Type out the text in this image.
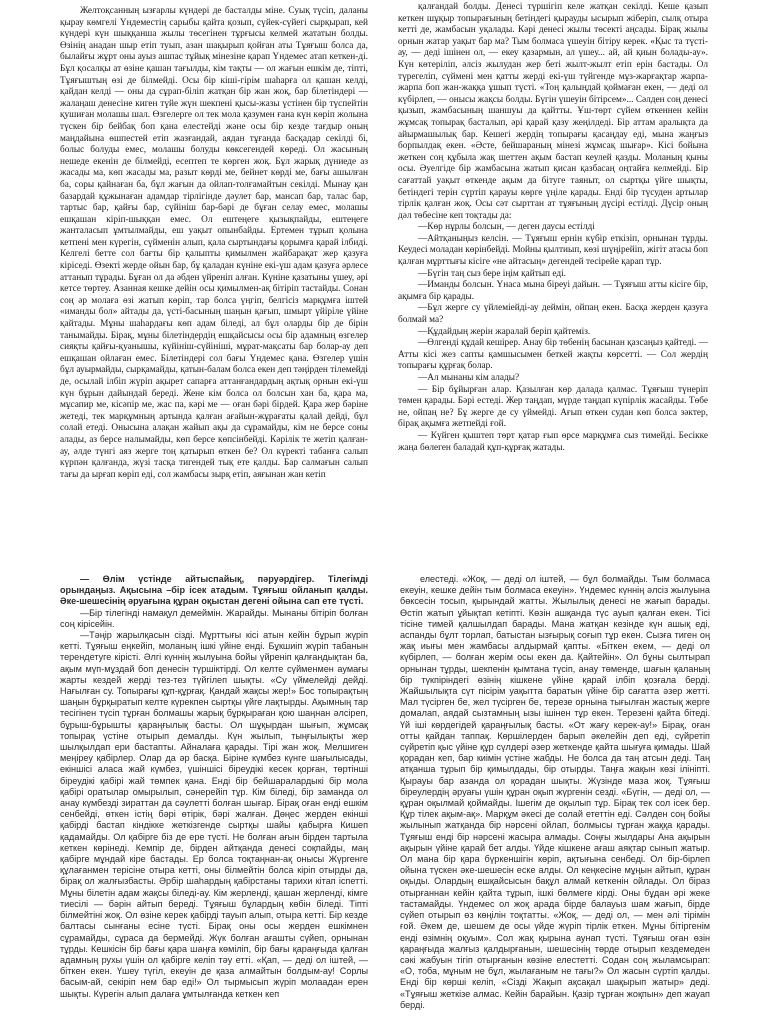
Желтоқсанның ызғарлы күндері де басталды міне. Суық түсіп, даланы қырау көмгелі Үндеместің сарыбы қайта қозып, сүйек-сүйегі сырқырап, кей күндері күн шыққанша жылы төсегінен тұрғысы келмей жататын болды. Өзінің анадан шыр етіп туып, азан шақырып қойған аты Тұяғыш болса да, былайғы жұрт оны ауыз ашпас тұйық мінезіне қарап Үндемес атап кеткен-ді. Бұл қосалқы ат өзіне қашан тағылды, кім тақты — ол жағын ешкім де, тіпті, Тұяғыштың өзі де білмейді. Осы бір кіші-гірім шаһарға ол қашан келді, қайдан келді — оны да сұрап-біліп жатқан бір жан жоқ, бар білетіндері — жалаңаш денесіне киген түйе жүн шекпені қысы-жазы үстінен бір түспейтін қушиған молашы шал. Өзгелерге ол тек мола қазумен ғана күн көріп жолына түскен бір бейбақ боп қана елестейді және осы бір кезде тағдыр оның маңдайына өшпестей етіп жазғандай, аядан тұғанда басқадар секілді бі, болыс болуды емес, молашы болуды көксегендей көреді. Ол жасының нешеде екенін де білмейді, есептеп те көрген жоқ. Бұл жарық дүниеде аз жасады ма, көп жасады ма, разыт көрді ме, бейнет көрді ме, бағы ашылған ба, соры қайнаған ба, бұл жағын да ойлап-толғамайтын секілді. Мынау қан базардай құжынаған адамдар тірлігінде дәулет бар, мансап бар, талас бар, тартыс бар, қайғы бар, сүйініш бар-бәрі де бұған селау емес, молашы ешқашан кіріп-шыққан емес. Ол ештеңеге қызықпайды, ештеңеге жанталасып ұмтылмайды, еш уақыт опынбайды. Ертемен тұрып қолына кетпені мен күрегін, сүйменін алып, қала сыртындағы қорымға қарай ілбиді. Келгелі бетте сол бағты бір қалыпты қимылмен жайбарақат жер қазуға кіріседі. Өзекті жерде ойын бар, бұ қаладан күніне екі-үш адам қазуға әрлесе аттанып тұрады. Бұған ол да әбден үйреніп алған. Күніне қазатыны үшеу, әрі кетсе төртеу. Азанная кешке дейін осы қимылмен-ақ бітіріп тастайды. Сонан соң әр молаға өзі жатып көріп, тар болса үңгіп, белгісіз марқұмға іштей «иманды бол» айтады да, үсті-басының шаңын қағып, шмырт үйіріле үйіне қайтады. Мұны шаһардағы көп адам біледі, ал бұл оларды бір де бірін танымайды. Бірақ, мұны білетіндердің ешқайсысы осы бір адамның өзгелер сияқты қайғы-қуанышы, күйініш-сүйініші, мұрат-мақсаты бар болар-ау деп ешқашан ойлаған емес. Білетіндері сол бағы Үндемес қана. Өзгелер үшін бұл ауырмайды, сырқамайды, қатын-балам болса екен деп тәңірден тілемейді де, осылай ілбіп жүріп ақырет сапарға аттанғандардың ақтық орнын екі-үш күн бұрын дайындай береді. Жене кім болса ол болсын хан ба, қара ма, мұсапир ме, кісәпір ме, жас па, кәрі ме — оған бәрі бірдей. Қара жер бәріне жетеді, тек марқұмның артында қалған ағайын-жұрағаты қалай дейді, бұл солай етеді. Онысына алақан жайып ақы да сұрамайды, кім не берсе соны алады, аз берсе налымайды, көп берсе көпсінбейді. Кәрілік те жетіп қалған-ау, әлде түнгі аяз жерге тоң қатырып өткен бе? Ол күректі табанға салып күрпән қалғанда, жүзі тасқа тигендей тық ете қалды. Бар салмағын салып тағы да ырғап көріп еді, сол жамбасы зырқ етіп, аяғынан жан кетіп

қалғандай болды. Денесі түршігіп келе жатқан секілді. Кеше қазып кеткен шұқыр топырағының бетіндегі қырауды ысырып жіберіп, сылқ отыра кетті де, жамбасын уқалады. Кәрі денесі жылы төсекті аңсады. Бірақ жылы орнын жатар уақыт бар ма? Тым болмаса үшеуін бітіру керек. «Қыс та түсті-ау, — деді ішінен ол, — екеу қазармын, ал үшеу... ай, ай қиын болады-ау». Күн көтеріліп, әлсіз жылудан жер беті жылт-жылт етіп ерін бастады. Ол түрегеліп, сүйменi мен қатты жерді екі-үш түйгенде мұз-жарғақтар жарпа-жарпа боп жан-жаққа ұшып түсті. «Тоң қалыңдай қоймаған екен, — деді ол күбірлеп, — онысы жақсы болды. Бүгін үшеуін бітірсем»... Сәлден соң денесі қызып, жамбасының шаншуы да қайтты. Ұш-төрт сүйем өткеннен кейін жұмсақ топырақ басталып, әрі қарай қазу жеңілдеді. Бір аттам аралықта да айырмашылық бар. Кешегі жердің топырағы қасаңдау еді, мына жаңғыз борпылдақ екен. «Әсте, бейшараның мінезі жұмсақ шығар». Кісі бойына жеткен соң құбыла жақ шеттен ақым бастап кеулей қазды. Моланың қыны осы. Әуелгіде бір жамбасына жатып қисан қазбасаң оңтайға келмейді. Бір сағаттай уақыт өткенде ақым да бітуге таяныт, ол сыртқы үйге шықты, бетіндегі терін сүртіп қарауы көрге үңіле қарады. Енді бір түсуден артылар тірлік қалған жоқ. Осы сәт сырттан ат тұяғының дүсірі естілді. Дүсір оның дәл төбесіне кеп тоқтады да:

—Көр нұрлы болсын, — деген даусы естілді

—Айтқаныңыз келсін. — Тұяғыш ернін күбір еткізіп, орнынан тұрды. Кеудесі моладан көрінбейді. Мойны қылтиып, көзі шүңірейіп, жігіт атасы боп қалған мұрттығы кісіге «не айтасың» дегендей тесірейе қарап тұр.

—Бүгін таң сыз бере іңім қайтып еді.

—Иманды болсын. Үнаса мына біреуі дайын. — Тұяғыш атты кісіге бір, ақымға бір қарады.

—Бұл жерге су үйлеміейді-ау деймін, ойпаң екен. Басқа жерден қазуға болмай ма?

—Құдайдың жерін жаралай беріп қайтеміз.

—Өлгенді құдай кешірер. Анау бір төбенің басынан қазсаңыз қайтеді. — Атты кісі жез сапты қамшысымен беткей жақты көрсетті. — Сол жердің топырағы құрғақ болар.

—Ал мынаны кім алады?

— Бір бұйырған алар. Қазылған көр далада қалмас. Тұяғыш түнеріп төмен қарады. Бәрі естеді. Жер таңдап, мүрде таңдап күпірлік жасайды. Төбе не, ойпаң не? Бұ жерге де су үймейді. Ағып өткен судан көп болса зәктер, бірақ ақымға жетпейді ғой.

— Күйген қыштеп төрт қатар ғып өрсе марқұмға сыз тимейді. Бесікке жаңа бөлеген баладай құп-құрғақ жатады.

— Өлім үстінде айтыспайық, пәруәрдігер. Тілегімді орындаңыз. Ақысына –бір ісек атадым. Тұяғыш ойланып қалды. Әке-шешесінің әруағына құран оқыстан дегені ойына сап ете түсті.

—Бір тілегінді намақул демеймін. Жарайды. Мынаны бітіріп болған соң кірісейін.

—Тәңір жарылқасын сізді. Мұрттығы кісі атын кейін бұрып жүріп кетті. Тұяғыш еңкейіп, моланың ішкі үйіне енді. Бұкшиіп жүріп табанын терендетуге кірісті. Әлгі күннің жылуына бойы үйреніп қалғандықтан ба, ақым мүп-мұздай боп денесін түршіктірді. Ол келте сүйменмен аумағы жарты кездей жерді тез-тез түйгілеп шықты. «Су үймелейді дейді. Нағылған су. Топырағы құп-құрғақ. Қандай жақсы жер!» Бос топырақтың шаңын бұрқыратып келте күрекпен сыртқы үйге лақтырды. Ақымның тар тесігінен түсіп тұрған болмашы жарық бұрқыраған қою шаңнан әлсіреп, бұрыш-бұрышты қараңғылық басты. Ол шұқырдан шығып, жұмсақ топырақ үстіне отырып демалды. Күн жылып, тыңғылықты жер шылқылдап ери бастапты. Айналаға қарады. Тірі жан жоқ. Мелшиген меңіреу қабірлер. Олар да әр басқа. Біріне күмбез күнге шағылысады, екіншісі аласа жай күмбез, үшіншісі біреудікі кесек қорған, төртінші біреудікі қабірі жай төмпек қана. Енді бір бейшаралардыкі бір мола қабірі оратылар омырылып, сәнерейіп тұр. Кім біледі, бір заманда ол анау күмбезді зираттан да сәулетті болған шығар. Бірақ оған енді ешкім сенбейді, өткен істің бәрі өтірік, бәрі жалған. Дөңес жерден екінші қабірді бастап кіндікке жеткізгенде сыртқы шайы қабырға Кишеп қадамайды. Ол қабірге біз де ере түсті. Не болған ағын бірден тартыла кеткен көрінеді. Кемпір де, бірден айтқанда денесі соқпайды, маң қабірге мұндай кіре бастады. Ер болса тоқтаңнан-ақ онысы Жүргенге құлағанмен терісіне отыра кетті, оны білмейтін болса кіріп отырды да, бірақ ол жалғызбасты. Әрбір шаһардың қабірстаны тарихи кітап іспетті. Мұны білетін адам жақсы біледі-ау. Кім жерленді, қашан жерленді, кімге тиесілі — бәрін айтып береді. Тұяғыш бұлардың көбін біледі. Тіпті білмейтіні жоқ. Ол өзіне керек қабірді тауып алып, отыра кетті. Бір кезде балтасы сынғаны есіне түсті. Бірақ оны осы жерден ешкімнен сұрамайды, сұраса да бермейді. Жүк болған ағашты сүйеп, орнынан тұрды. Кешкісін бір бағы қара шаңға көміліп, бір бағы қараңғыда қалған адамның рухы үшін ол қабірге келіп тәу етті. «Қап, — деді ол іштей, — біткен екен. Үшеу түгіл, екеуін де қаза алмайтын болдым-ау! Сорлы басым-ай, секіріп нем бар еді!» Ол тырмысып жүріп молаадан ерен шықты. Күрегін алып далаға ұмтылғанда кеткен кеп

елестеді. «Жоқ, — деді ол іштей, — бұл болмайды. Тым болмаса екеуін, кешке дейін тым болмаса екеуін». Үндемес күннің әлсіз жылуына бөксесін тосып, қырындай жатты. Жылылық денесі не жағып барады. Өстіп жатып ұйықтап кетіпті. Көзін ашқанда түс ауып қалған екен. Тісі тісіне тимей қалшылдап барады. Мана жатқан кезінде күн ашық еді, аспанды бұлт торлап, батыстан ызғырық соғып тұр екен. Сызға тиген оң жақ иығы мен жамбасы алдырмай қапты. «Біткен екем, — деді ол күбірлеп, — болған жерім осы екен да. Қайтейін». Ол бұны сылтырап орнынан тұрды, шекпенін қымтана түсіп, анау төменде, шағын қаланың бір түкпіріндегі өзінің кішкене үйіне қарай ілбіп қозғала берді. Жайшылықта сүт пісірім уақытта баратын үйіне бір сағатта әзер жетті. Мал түсірген бе, жел түсірген бе, терезе орнына тығылған жастық жерге домалап, аядай сызтамның ызы ішінен тұр екен. Терезені қайта бітеді. Үй іші көрдегідей қараңғылық басты. «От жағу керек-ау!» Бірақ, оған отты қайдан таппақ. Көршілерден барып әкелейін деп еді, сүйретіп сүйретіп қыс үйіне құр сүлдері әзер жеткенде қайта шығуға қимады. Шай қорадан кеп, бар киімін үстіне жабды. Не болса да таң атсын деді. Таң атқанша тұрып бір қимылдады, бір отырды. Таңға жақын көзі ілініпті. Қырауы бар азанда ол қорадан шықты. Жүзінде маза жоқ. Тұяғыш біреулердің әруағы үшін құран оқып жүргенін сезді. «Бүгін, — деді ол, — құран оқылмай қоймайды. Ішегім де оқылып тұр. Бірақ тек сол ісек бер. Құр тілек ақым-ақ». Марқұм әкесі де солай ететтін еді. Сәлден соң бойы жылынып жатқанда бір нәрсені ойлап, болмысы тұрған жаққа қарады. Тұяғыш енді бір нәрсені жасыра алмады. Соңғы жылдары Ана ақырын ақырын үйіне қарай бет алды. Үйде кішкене ағаш аяқтар сынып жатыр. Ол мана бір қара бүркеншігін көріп, ақтығына сенбеді. Ол бір-бірлеп ойына түскен әке-шешесін еске алды. Ол кеңкесіне мұңын айтып, құран оқыды. Олардың ешқайсысын бақұл алмай кеткенін ойлады. Ол біраз отырғаннан кейін қайта тұрып, ішкі бөлмеге кірді. Оны бұдан әрі жеке тастамайды. Үндемес ол жоқ арада бірде балауыз шам жағып, бірде сүйеп отырып өз көңілін тоқтатты. «Жоқ, — деді ол, — мен әлі тірімін ғой. Әкем де, шешем де осы үйде жүріп тірлік еткен. Мұны бітіргенім енді өзімнің оқуым». Сол жақ қырына аунап түсті. Тұяғыш оған өзін қараңғыда жалғыз қалдырғанын, шешесінің төрде отырып кездемеден сәкі жабуын тігіп отырғанын көзіне елестетті. Содан соң жыламсырап: «О, тоба, мұным не бұл, жылағаным не тағы?» Ол жасын сүртіп қалды. Енді бір көрші келіп, «Сізді Жақып ақсақал шақырып жатыр» деді. «Тұяғыш жеткізе алмас. Кейін барайын. Қазір тұрған жоқпын» деп жауап берді.
